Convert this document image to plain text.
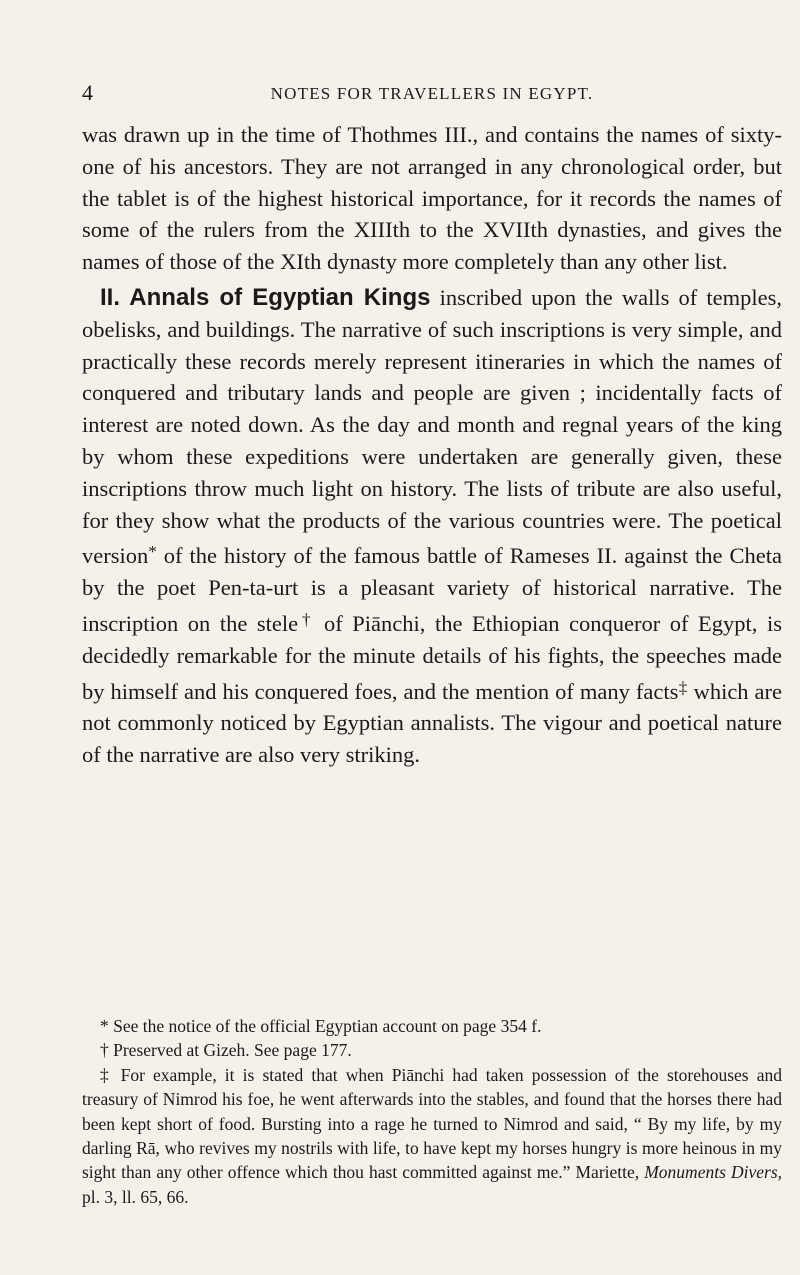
4	NOTES FOR TRAVELLERS IN EGYPT.

was drawn up in the time of Thothmes III., and contains the names of sixty-one of his ancestors. They are not arranged in any chronological order, but the tablet is of the highest historical importance, for it records the names of some of the rulers from the XIIIth to the XVIIth dynasties, and gives the names of those of the XIth dynasty more completely than any other list.

II. Annals of Egyptian Kings inscribed upon the walls of temples, obelisks, and buildings. The narrative of such inscriptions is very simple, and practically these records merely represent itineraries in which the names of conquered and tributary lands and people are given ; incidentally facts of interest are noted down. As the day and month and regnal years of the king by whom these expeditions were undertaken are generally given, these inscriptions throw much light on history. The lists of tribute are also useful, for they show what the products of the various countries were. The poetical version* of the history of the famous battle of Rameses II. against the Cheta by the poet Pen-ta-urt is a pleasant variety of historical narrative. The inscription on the stele† of Piānchi, the Ethiopian conqueror of Egypt, is decidedly remarkable for the minute details of his fights, the speeches made by himself and his conquered foes, and the mention of many facts‡ which are not commonly noticed by Egyptian annalists. The vigour and poetical nature of the narrative are also very striking.

* See the notice of the official Egyptian account on page 354 f.

† Preserved at Gizeh. See page 177.

‡ For example, it is stated that when Piānchi had taken possession of the storehouses and treasury of Nimrod his foe, he went afterwards into the stables, and found that the horses there had been kept short of food. Bursting into a rage he turned to Nimrod and said, “ By my life, by my darling Rā, who revives my nostrils with life, to have kept my horses hungry is more heinous in my sight than any other offence which thou hast committed against me.” Mariette, Monuments Divers, pl. 3, ll. 65, 66.
